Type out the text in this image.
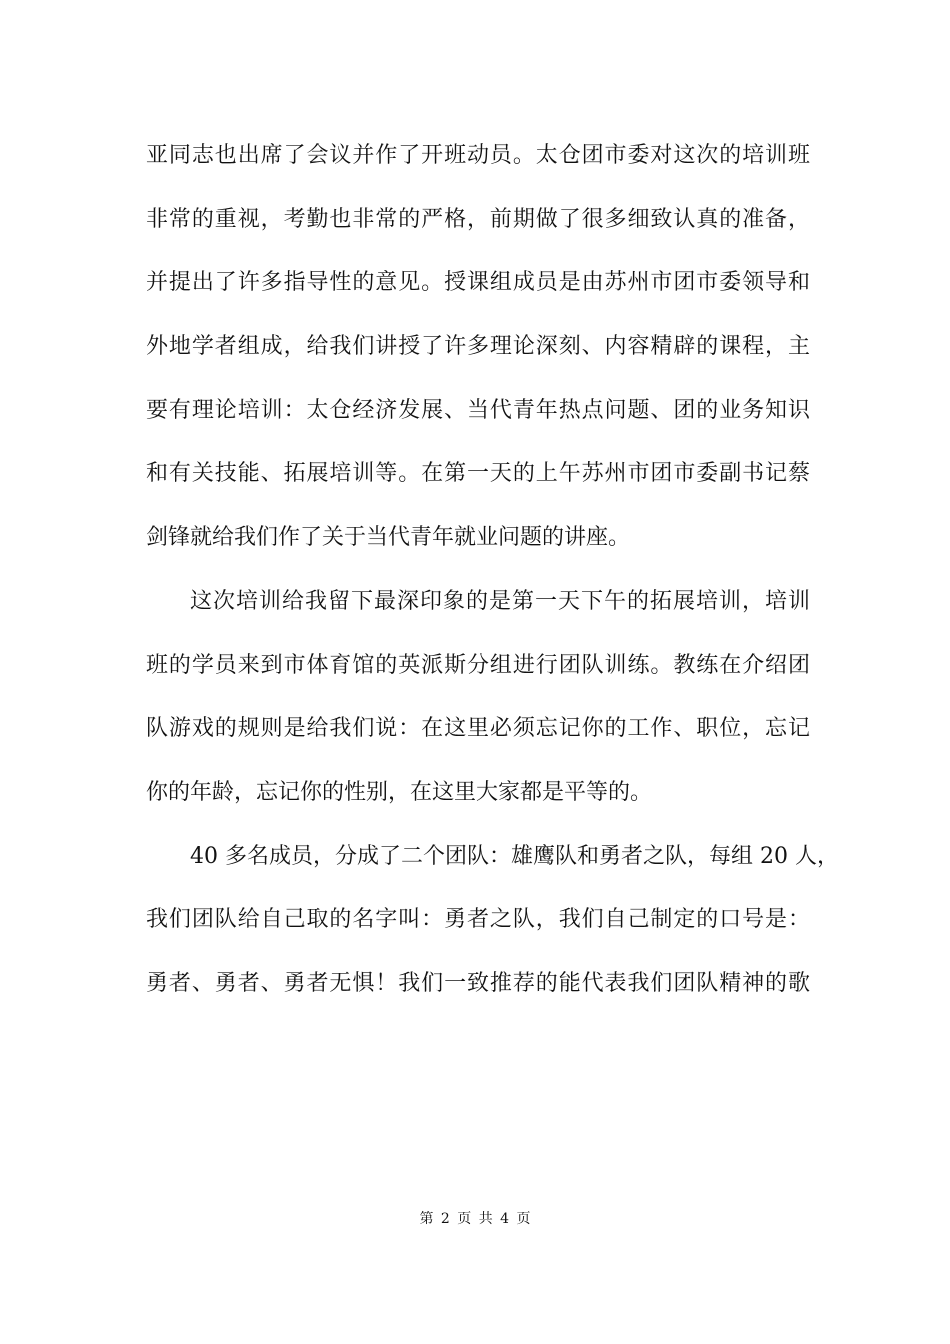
亚同志也出席了会议并作了开班动员。太仓团市委对这次的培训班
非常的重视，考勤也非常的严格，前期做了很多细致认真的准备，
并提出了许多指导性的意见。授课组成员是由苏州市团市委领导和
外地学者组成，给我们讲授了许多理论深刻、内容精辟的课程，主
要有理论培训：太仓经济发展、当代青年热点问题、团的业务知识
和有关技能、拓展培训等。在第一天的上午苏州市团市委副书记蔡
剑锋就给我们作了关于当代青年就业问题的讲座。
这次培训给我留下最深印象的是第一天下午的拓展培训，培训
班的学员来到市体育馆的英派斯分组进行团队训练。教练在介绍团
队游戏的规则是给我们说：在这里必须忘记你的工作、职位，忘记
你的年龄，忘记你的性别，在这里大家都是平等的。
40 多名成员，分成了二个团队：雄鹰队和勇者之队，每组 20 人，
我们团队给自己取的名字叫：勇者之队，我们自己制定的口号是：
勇者、勇者、勇者无惧！我们一致推荐的能代表我们团队精神的歌
第 2 页 共 4 页
